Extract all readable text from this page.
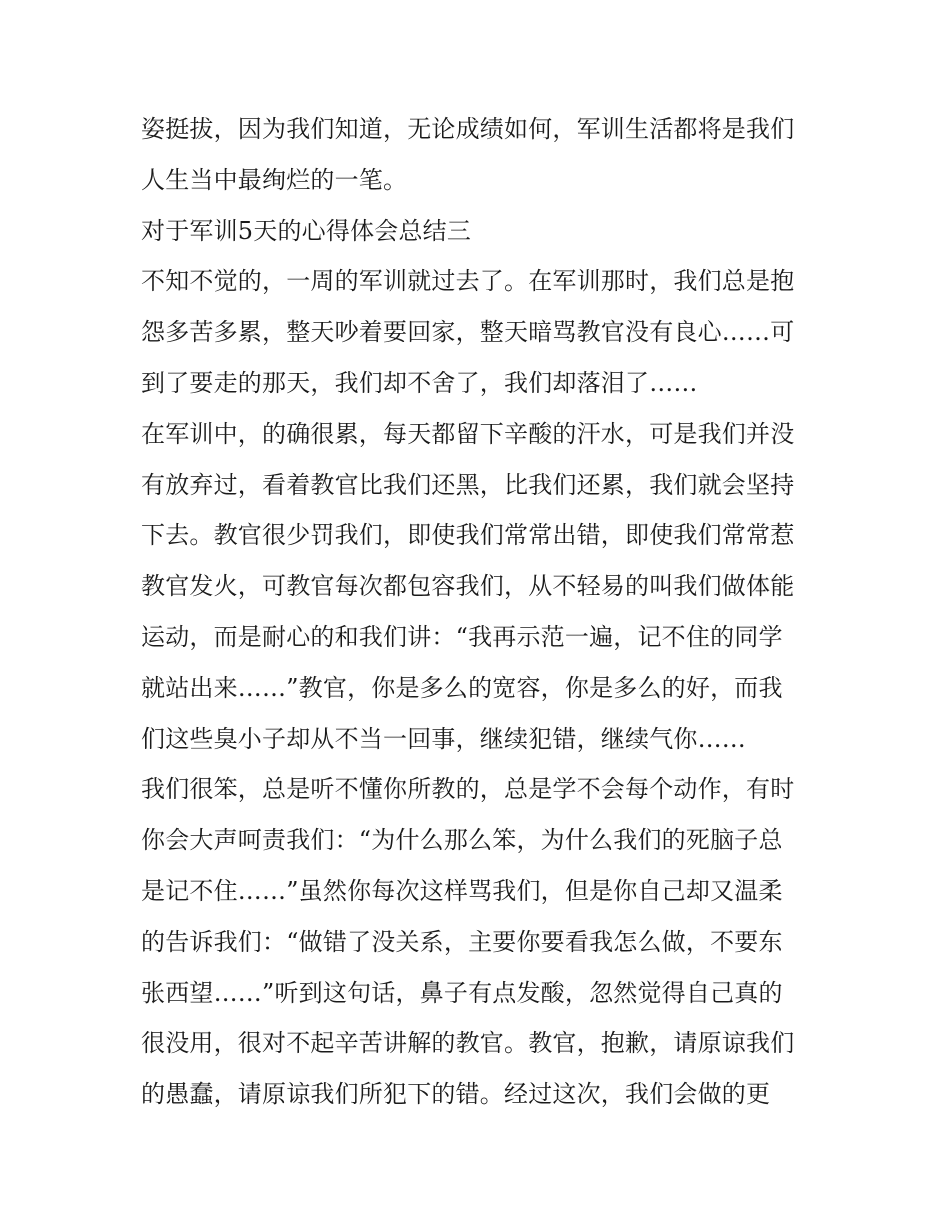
姿挺拔，因为我们知道，无论成绩如何，军训生活都将是我们
人生当中最绚烂的一笔。
对于军训5天的心得体会总结三
不知不觉的，一周的军训就过去了。在军训那时，我们总是抱
怨多苦多累，整天吵着要回家，整天暗骂教官没有良心……可
到了要走的那天，我们却不舍了，我们却落泪了……
在军训中，的确很累，每天都留下辛酸的汗水，可是我们并没
有放弃过，看着教官比我们还黑，比我们还累，我们就会坚持
下去。教官很少罚我们，即使我们常常出错，即使我们常常惹
教官发火，可教官每次都包容我们，从不轻易的叫我们做体能
运动，而是耐心的和我们讲：“我再示范一遍，记不住的同学
就站出来……”教官，你是多么的宽容，你是多么的好，而我
们这些臭小子却从不当一回事，继续犯错，继续气你……
我们很笨，总是听不懂你所教的，总是学不会每个动作，有时
你会大声呵责我们：“为什么那么笨，为什么我们的死脑子总
是记不住……”虽然你每次这样骂我们，但是你自己却又温柔
的告诉我们：“做错了没关系，主要你要看我怎么做，不要东
张西望……”听到这句话，鼻子有点发酸，忽然觉得自己真的
很没用，很对不起辛苦讲解的教官。教官，抱歉，请原谅我们
的愚蠢，请原谅我们所犯下的错。经过这次，我们会做的更
